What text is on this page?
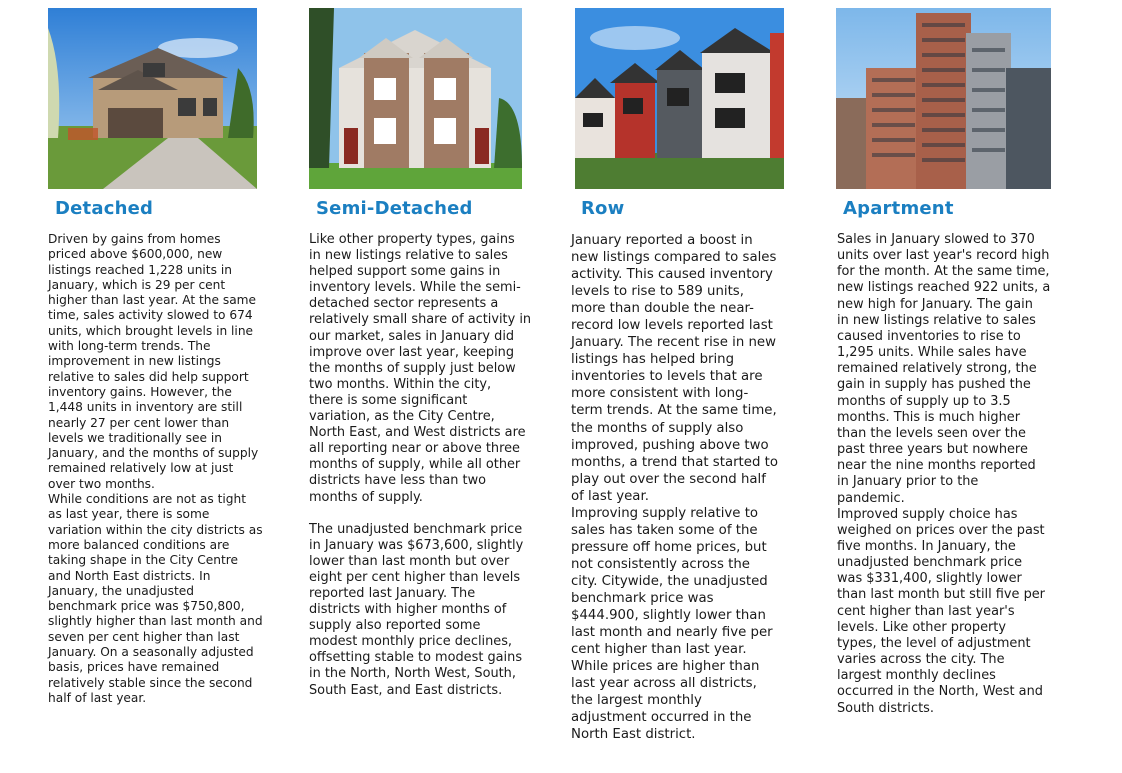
Detached

Driven by gains from homes
priced above $600,000, new
listings reached 1,228 units in
January, which is 29 per cent
higher than last year. At the same
time, sales activity slowed to 674
units, which brought levels in line
with long-term trends. The
improvement in new listings
relative to sales did help support
inventory gains. However, the
1,448 units in inventory are still
nearly 27 per cent lower than
levels we traditionally see in
January, and the months of supply
remained relatively low at just
over two months.

While conditions are not as tight
as last year, there is some
variation within the city districts as
more balanced conditions are
taking shape in the City Centre
and North East districts. In
January, the unadjusted
benchmark price was $750,800,
slightly higher than last month and
seven per cent higher than last
January. On a seasonally adjusted
basis, prices have remained
relatively stable since the second
half of last year.

Semi-Detached

Like other property types, gains
in new listings relative to sales
helped support some gains in
inventory levels. While the semi-
detached sector represents a
relatively small share of activity in
our market, sales in January did
improve over last year, keeping
the months of supply just below
two months. Within the city,
there is some significant
variation, as the City Centre,
North East, and West districts are
all reporting near or above three
months of supply, while all other
districts have less than two
months of supply.

The unadjusted benchmark price
in January was $673,600, slightly
lower than last month but over
eight per cent higher than levels
reported last January. The
districts with higher months of
supply also reported some
modest monthly price declines,
offsetting stable to modest gains
in the North, North West, South,
South East, and East districts.

Row

January reported a boost in
new listings compared to sales
activity. This caused inventory
levels to rise to 589 units,
more than double the near-
record low levels reported last
January. The recent rise in new
listings has helped bring
inventories to levels that are
more consistent with long-
term trends. At the same time,
the months of supply also
improved, pushing above two
months, a trend that started to
play out over the second half
of last year.

Improving supply relative to
sales has taken some of the
pressure off home prices, but
not consistently across the
city. Citywide, the unadjusted
benchmark price was
$444.900, slightly lower than
last month and nearly five per
cent higher than last year.
While prices are higher than
last year across all districts,
the largest monthly
adjustment occurred in the
North East district.

Apartment

Sales in January slowed to 370
units over last year's record high
for the month. At the same time,
new listings reached 922 units, a
new high for January. The gain
in new listings relative to sales
caused inventories to rise to
1,295 units. While sales have
remained relatively strong, the
gain in supply has pushed the
months of supply up to 3.5
months. This is much higher
than the levels seen over the
past three years but nowhere
near the nine months reported
in January prior to the
pandemic.

Improved supply choice has
weighed on prices over the past
five months. In January, the
unadjusted benchmark price
was $331,400, slightly lower
than last month but still five per
cent higher than last year's
levels. Like other property
types, the level of adjustment
varies across the city. The
largest monthly declines
occurred in the North, West and
South districts.
